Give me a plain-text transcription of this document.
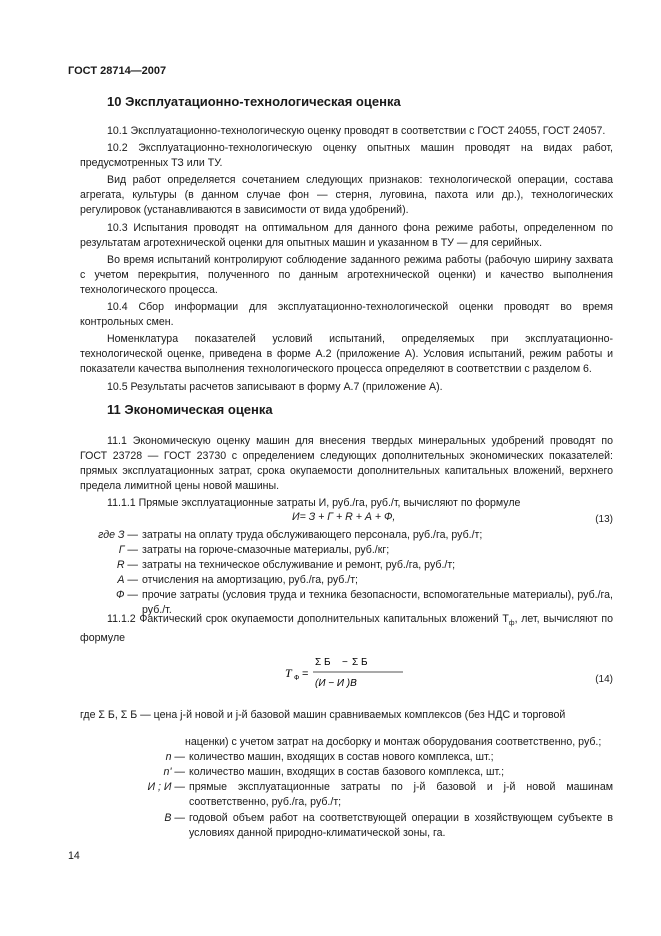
ГОСТ 28714—2007
10 Эксплуатационно-технологическая оценка

10.1 Эксплуатационно-технологическую оценку проводят в соответствии с ГОСТ 24055, ГОСТ 24057.

10.2 Эксплуатационно-технологическую оценку опытных машин проводят на видах работ, предусмотренных ТЗ или ТУ.

Вид работ определяется сочетанием следующих признаков: технологической операции, состава агрегата, культуры (в данном случае фон — стерня, луговина, пахота или др.), технологических регулировок (устанавливаются в зависимости от вида удобрений).

10.3 Испытания проводят на оптимальном для данного фона режиме работы, определенном по результатам агротехнической оценки для опытных машин и указанном в ТУ — для серийных.

Во время испытаний контролируют соблюдение заданного режима работы (рабочую ширину захвата с учетом перекрытия, полученного по данным агротехнической оценки) и качество выполнения технологического процесса.

10.4 Сбор информации для эксплуатационно-технологической оценки проводят во время контрольных смен.

Номенклатура показателей условий испытаний, определяемых при эксплуатационно-технологической оценке, приведена в форме А.2 (приложение А). Условия испытаний, режим работы и показатели качества выполнения технологического процесса определяют в соответствии с разделом 6.

10.5 Результаты расчетов записывают в форму А.7 (приложение А).

11 Экономическая оценка

11.1 Экономическую оценку машин для внесения твердых минеральных удобрений проводят по ГОСТ 23728 — ГОСТ 23730 с определением следующих дополнительных экономических показателей: прямых эксплуатационных затрат, срока окупаемости дополнительных капитальных вложений, верхнего предела лимитной цены новой машины.

11.1.1 Прямые эксплуатационные затраты И, руб./га, руб./т, вычисляют по формуле

И= З + Г + R + А + Ф,	(13)
где З — затраты на оплату труда обслуживающего персонала, руб./га, руб./т;
Г — затраты на горюче-смазочные материалы, руб./кг;
R — затраты на техническое обслуживание и ремонт, руб./га, руб./т;
А — отчисления на амортизацию, руб./га, руб./т;
Ф — прочие затраты (условия труда и техника безопасности, вспомогательные материалы), руб./га, руб./т.

11.1.2 Фактический срок окупаемости дополнительных капитальных вложений $Т_ф$, лет, вычисляют по формуле

Т Ф =
Σ Б − Σ Б
(И − И )В	(14)
где Σ Б, Σ Б — цена j-й новой и j-й базовой машин сравниваемых комплексов (без НДС и торговой
наценки) с учетом затрат на досборку и монтаж оборудования соответственно, руб.;
n — количество машин, входящих в состав нового комплекса, шт.;
n' — количество машин, входящих в состав базового комплекса, шт.;
И ; И — прямые эксплуатационные затраты по j-й базовой и j-й новой машинам соответственно, руб./га, руб./т;
В — годовой объем работ на соответствующей операции в хозяйствующем субъекте в условиях данной природно-климатической зоны, га.
14
